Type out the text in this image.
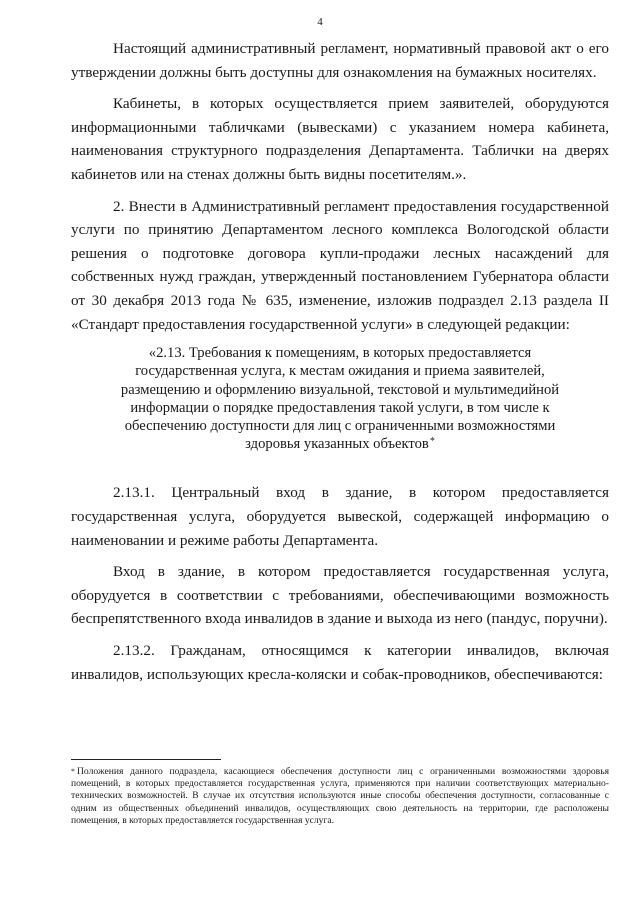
4

Настоящий административный регламент, нормативный правовой акт о его утверждении должны быть доступны для ознакомления на бумажных носителях.

Кабинеты, в которых осуществляется прием заявителей, оборудуются информационными табличками (вывесками) с указанием номера кабинета, наименования структурного подразделения Департамента. Таблички на дверях кабинетов или на стенах должны быть видны посетителям.».

2. Внести в Административный регламент предоставления государственной услуги по принятию Департаментом лесного комплекса Вологодской области решения о подготовке договора купли-продажи лесных насаждений для собственных нужд граждан, утвержденный постановлением Губернатора области от 30 декабря 2013 года № 635, изменение, изложив подраздел 2.13 раздела II «Стандарт предоставления государственной услуги» в следующей редакции:

«2.13. Требования к помещениям, в которых предоставляется государственная услуга, к местам ожидания и приема заявителей, размещению и оформлению визуальной, текстовой и мультимедийной информации о порядке предоставления такой услуги, в том числе к обеспечению доступности для лиц с ограниченными возможностями здоровья указанных объектов*

2.13.1. Центральный вход в здание, в котором предоставляется государственная услуга, оборудуется вывеской, содержащей информацию о наименовании и режиме работы Департамента.

Вход в здание, в котором предоставляется государственная услуга, оборудуется в соответствии с требованиями, обеспечивающими возможность беспрепятственного входа инвалидов в здание и выхода из него (пандус, поручни).

2.13.2. Гражданам, относящимся к категории инвалидов, включая инвалидов, использующих кресла-коляски и собак-проводников, обеспечиваются:

* Положения данного подраздела, касающиеся обеспечения доступности лиц с ограниченными возможностями здоровья помещений, в которых предоставляется государственная услуга, применяются при наличии соответствующих материально-технических возможностей. В случае их отсутствия используются иные способы обеспечения доступности, согласованные с одним из общественных объединений инвалидов, осуществляющих свою деятельность на территории, где расположены помещения, в которых предоставляется государственная услуга.
